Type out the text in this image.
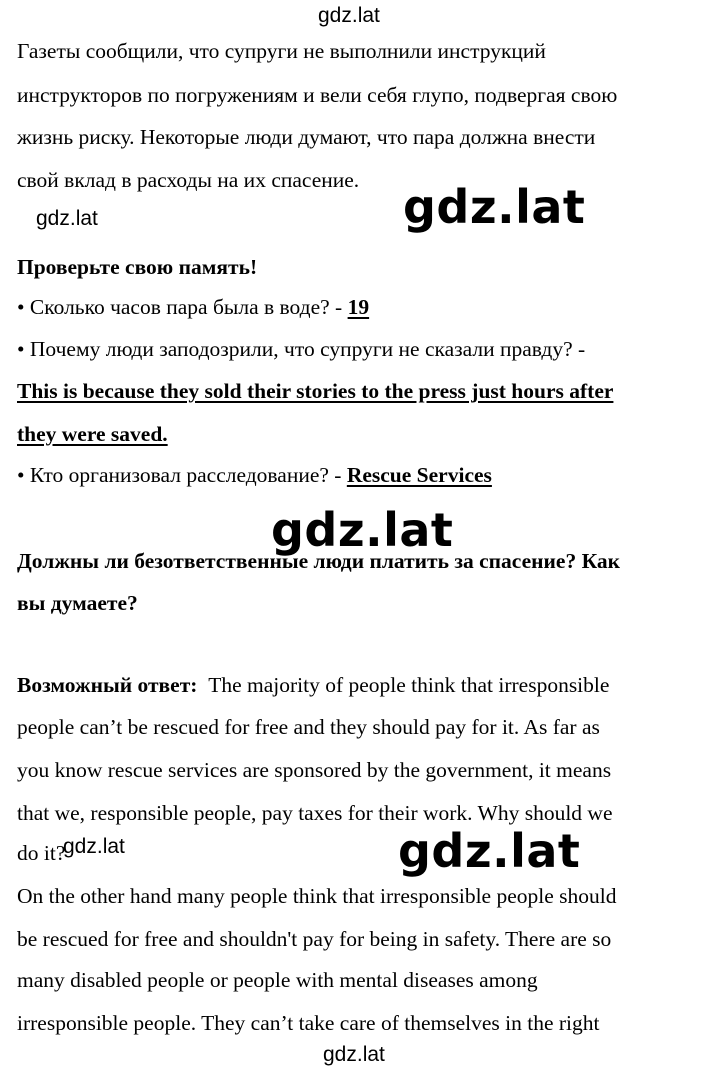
gdz.lat
gdz.lat	gdz.lat
gdz.lat
gdz.lat
gdz.lat
gdz.lat
Газеты сообщили, что супруги не выполнили инструкций
инструкторов по погружениям и вели себя глупо, подвергая свою
жизнь риску. Некоторые люди думают, что пара должна внести
свой вклад в расходы на их спасение.
Проверьте свою память!
• Сколько часов пара была в воде? - 19
• Почему люди заподозрили, что супруги не сказали правду? -
This is because they sold their stories to the press just hours after
they were saved.
• Кто организовал расследование? - Rescue Services
Должны ли безответственные люди платить за спасение? Как
вы думаете?
Возможный ответ:  The majority of people think that irresponsible
people can’t be rescued for free and they should pay for it. As far as
you know rescue services are sponsored by the government, it means
that we, responsible people, pay taxes for their work. Why should we
do it?
On the other hand many people think that irresponsible people should
be rescued for free and shouldn't pay for being in safety. There are so
many disabled people or people with mental diseases among
irresponsible people. They can’t take care of themselves in the right
